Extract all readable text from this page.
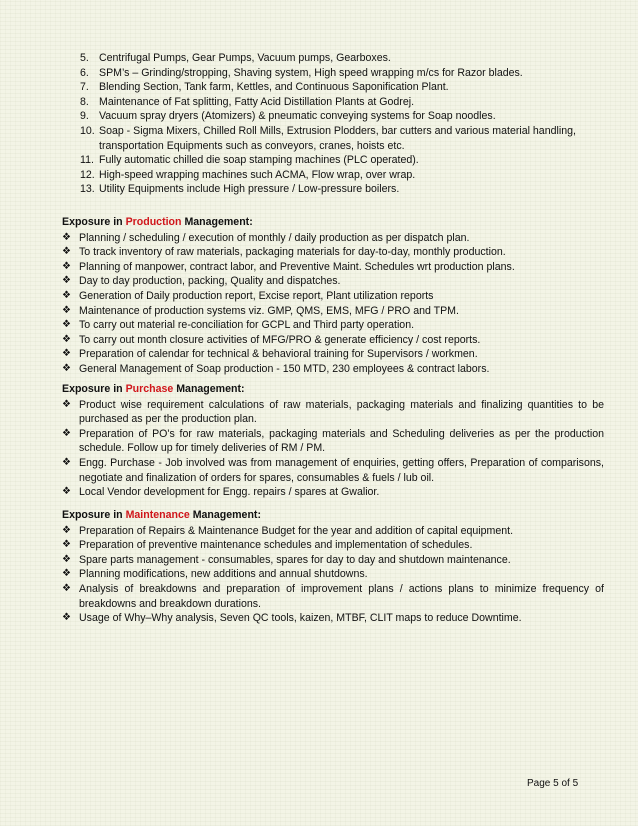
5. Centrifugal Pumps, Gear Pumps, Vacuum pumps, Gearboxes.
6. SPM’s – Grinding/stropping, Shaving system, High speed wrapping m/cs for Razor blades.
7. Blending Section, Tank farm, Kettles, and Continuous Saponification Plant.
8. Maintenance of Fat splitting, Fatty Acid Distillation Plants at Godrej.
9. Vacuum spray dryers (Atomizers) & pneumatic conveying systems for Soap noodles.
10. Soap - Sigma Mixers, Chilled Roll Mills, Extrusion Plodders, bar cutters and various material handling, transportation Equipments such as conveyors, cranes, hoists etc.
11. Fully automatic chilled die soap stamping machines (PLC operated).
12. High-speed wrapping machines such ACMA, Flow wrap, over wrap.
13. Utility Equipments include High pressure / Low-pressure boilers.
Exposure in Production Management:
❖ Planning / scheduling / execution of monthly / daily production as per dispatch plan.
❖ To track inventory of raw materials, packaging materials for day-to-day, monthly production.
❖ Planning of manpower, contract labor, and Preventive Maint. Schedules wrt production plans.
❖ Day to day production, packing, Quality and dispatches.
❖ Generation of Daily production report, Excise report, Plant utilization reports
❖ Maintenance of production systems viz. GMP, QMS, EMS, MFG / PRO and TPM.
❖ To carry out material re-conciliation for GCPL and Third party operation.
❖ To carry out month closure activities of MFG/PRO & generate efficiency / cost reports.
❖ Preparation of calendar for technical & behavioral training for Supervisors / workmen.
❖ General Management of Soap production - 150 MTD, 230 employees & contract labors.
Exposure in Purchase Management:
❖ Product wise requirement calculations of raw materials, packaging materials and finalizing quantities to be purchased as per the production plan.
❖ Preparation of PO's for raw materials, packaging materials and Scheduling deliveries as per the production schedule. Follow up for timely deliveries of RM / PM.
❖ Engg. Purchase - Job involved was from management of enquiries, getting offers, Preparation of comparisons, negotiate and finalization of orders for spares, consumables & fuels / lub oil.
❖ Local Vendor development for Engg. repairs / spares at Gwalior.
Exposure in Maintenance Management:
❖ Preparation of Repairs & Maintenance Budget for the year and addition of capital equipment.
❖ Preparation of preventive maintenance schedules and implementation of schedules.
❖ Spare parts management - consumables, spares for day to day and shutdown maintenance.
❖ Planning modifications, new additions and annual shutdowns.
❖ Analysis of breakdowns and preparation of improvement plans / actions plans to minimize frequency of breakdowns and breakdown durations.
❖ Usage of Why–Why analysis, Seven QC tools, kaizen, MTBF, CLIT maps to reduce Downtime.
Page 5 of 5
